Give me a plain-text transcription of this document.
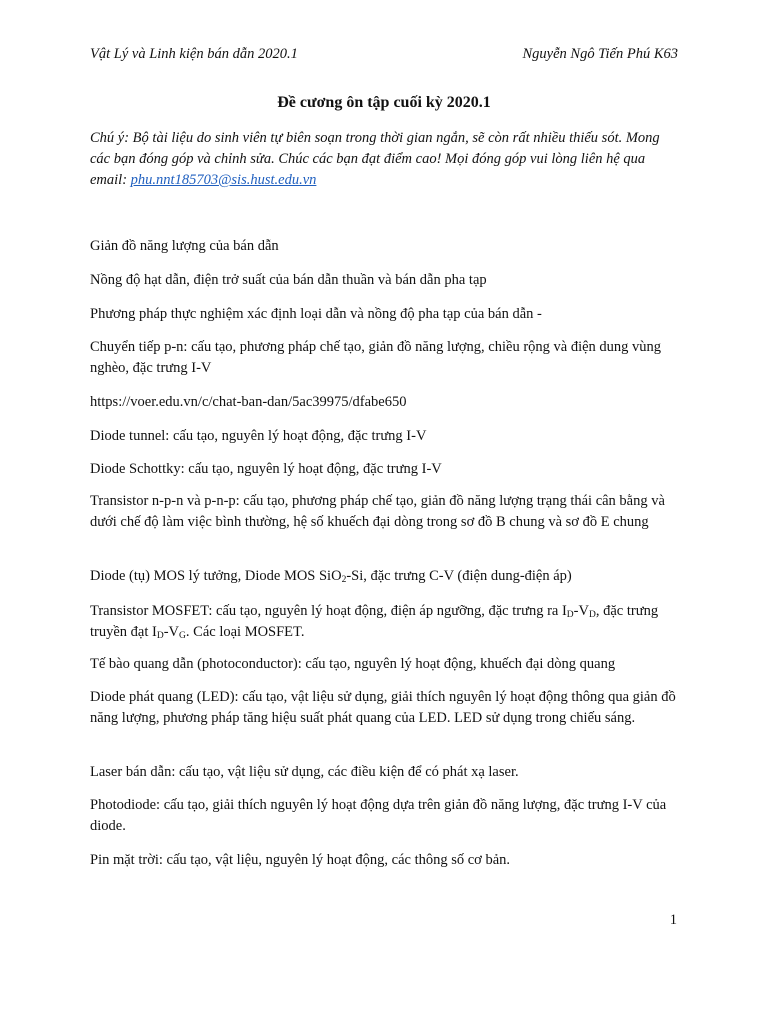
Vật Lý và Linh kiện bán dẫn 2020.1	Nguyễn Ngô Tiến Phú K63
Đề cương ôn tập cuối kỳ 2020.1
Chú ý: Bộ tài liệu do sinh viên tự biên soạn trong thời gian ngắn, sẽ còn rất nhiều thiếu sót. Mong các bạn đóng góp và chỉnh sửa. Chúc các bạn đạt điểm cao! Mọi đóng góp vui lòng liên hệ qua email: phu.nnt185703@sis.hust.edu.vn
Giản đồ năng lượng của bán dẫn
Nồng độ hạt dẫn, điện trở suất của bán dẫn thuần và bán dẫn pha tạp
Phương pháp thực nghiệm xác định loại dẫn và nồng độ pha tạp của bán dẫn -
Chuyển tiếp p-n: cấu tạo, phương pháp chế tạo, giản đồ năng lượng, chiều rộng và điện dung vùng nghèo, đặc trưng I-V
https://voer.edu.vn/c/chat-ban-dan/5ac39975/dfabe650
Diode tunnel: cấu tạo, nguyên lý hoạt động, đặc trưng I-V
Diode Schottky: cấu tạo, nguyên lý hoạt động, đặc trưng I-V
Transistor n-p-n và p-n-p: cấu tạo, phương pháp chế tạo, giản đồ năng lượng trạng thái cân bằng và dưới chế độ làm việc bình thường, hệ số khuếch đại dòng trong sơ đồ B chung và sơ đồ E chung
Diode (tụ) MOS lý tưởng, Diode MOS SiO$_2$-Si, đặc trưng C-V (điện dung-điện áp)
Transistor MOSFET: cấu tạo, nguyên lý hoạt động, điện áp ngưỡng, đặc trưng ra $I_D-V_D$, đặc trưng truyền đạt $I_D-V_G$. Các loại MOSFET.
Tế bào quang dẫn (photoconductor): cấu tạo, nguyên lý hoạt động, khuếch đại dòng quang
Diode phát quang (LED): cấu tạo, vật liệu sử dụng, giải thích nguyên lý hoạt động thông qua giản đồ năng lượng, phương pháp tăng hiệu suất phát quang của LED. LED sử dụng trong chiếu sáng.
Laser bán dẫn: cấu tạo, vật liệu sử dụng, các điều kiện để có phát xạ laser.
Photodiode: cấu tạo, giải thích nguyên lý hoạt động dựa trên giản đồ năng lượng, đặc trưng I-V của diode.
Pin mặt trời: cấu tạo, vật liệu, nguyên lý hoạt động, các thông số cơ bản.
1
